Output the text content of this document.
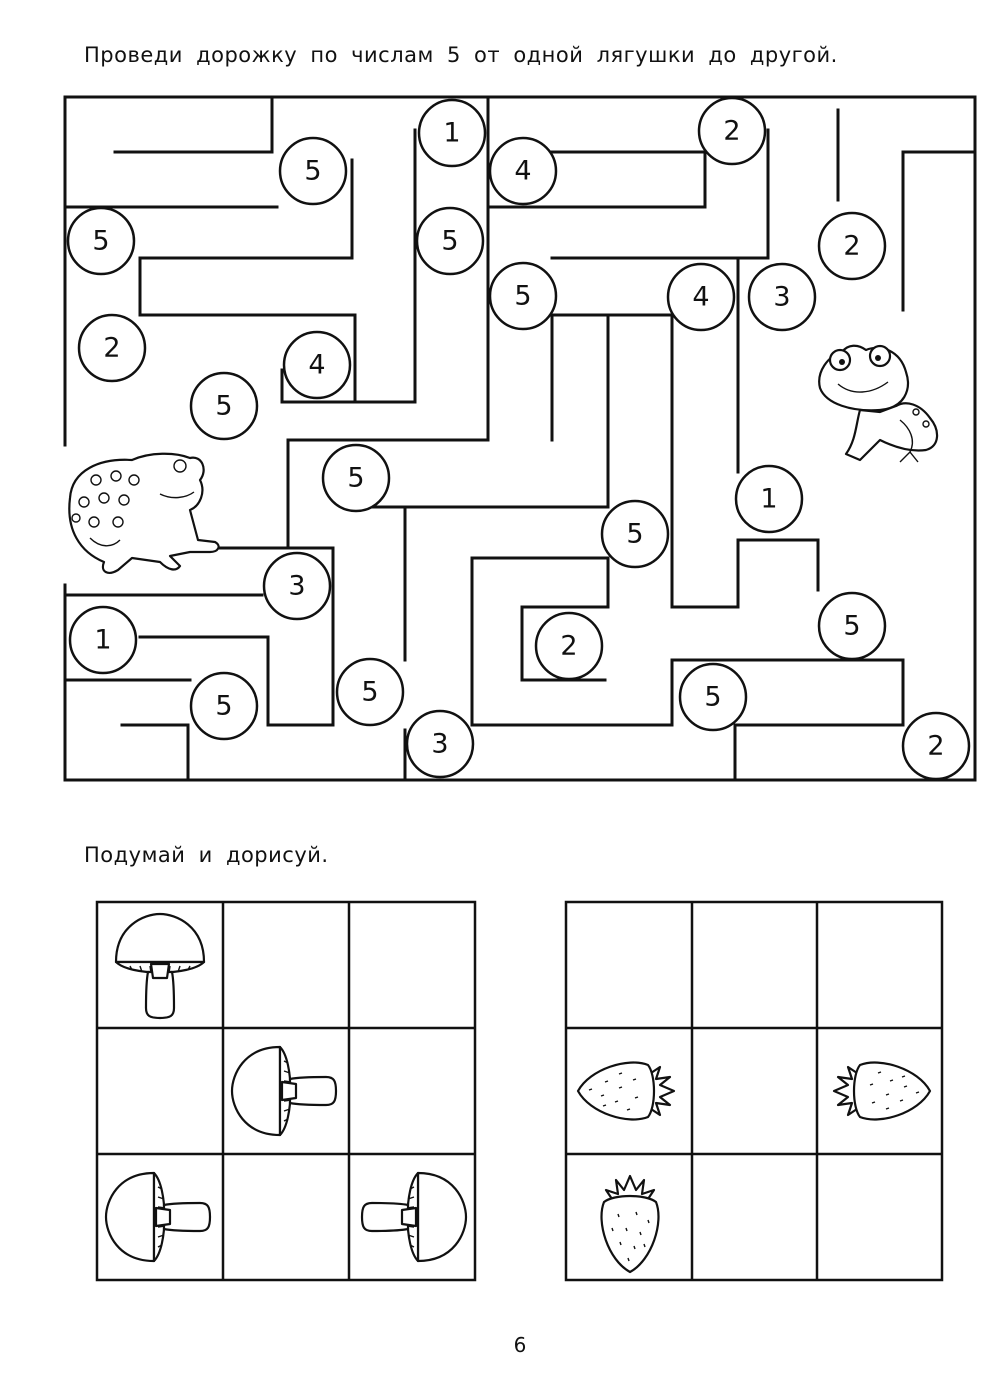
Проведи дорожку по числам 5 от одной лягушки до другой.
Подумай и дорисуй.
6
1	2
4
5
5	5
5
5
2
2
3
4
5
2
4
5
5
1
5
5
3
1
2
5
3
